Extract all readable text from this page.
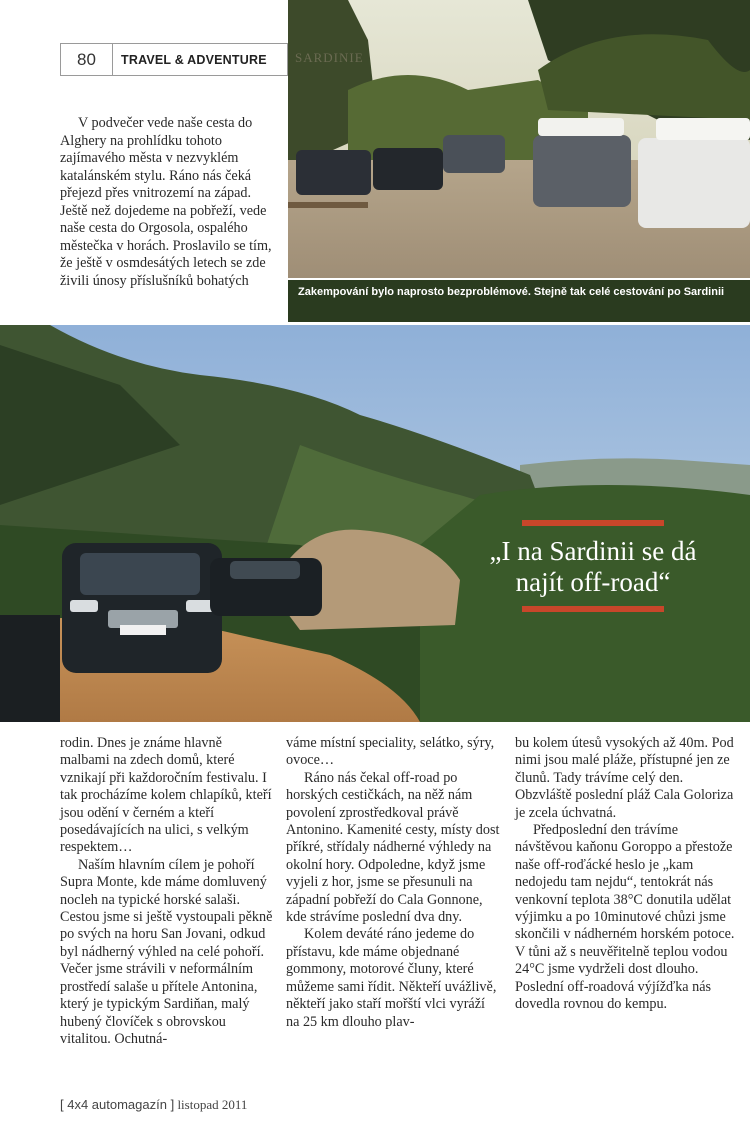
80	TRAVEL & ADVENTURE
Zakempování bylo naprosto bezproblémové. Stejně tak celé cestování po Sardinii

V podvečer vede naše cesta do Alghery na prohlídku tohoto zajímavého města v nezvyklém katalánském stylu. Ráno nás čeká přejezd přes vnitrozemí na západ. Ještě než dojedeme na pobřeží, vede naše cesta do Orgosola, ospalého městečka v horách. Proslavilo se tím, že ještě v osmdesátých letech se zde živili únosy příslušníků bohatých

„I na Sardinii se dá najít off-road“

rodin. Dnes je známe hlavně malbami na zdech domů, které vznikají při každoročním festivalu. I tak procházíme kolem chlapíků, kteří jsou odění v černém a kteří posedávajících na ulici, s velkým respektem…

Naším hlavním cílem je pohoří Supra Monte, kde máme domluvený nocleh na typické horské salaši. Cestou jsme si ještě vystoupali pěkně po svých na horu San Jovani, odkud byl nádherný výhled na celé pohoří. Večer jsme strávili v neformálním prostředí salaše u přítele Antonina, který je typickým Sardiňan, malý hubený človíček s obrovskou vitalitou. Ochutná-

váme místní speciality, selátko, sýry, ovoce…

Ráno nás čekal off-road po horských cestičkách, na něž nám povolení zprostředkoval právě Antonino. Kamenité cesty, místy dost příkré, střídaly nádherné výhledy na okolní hory. Odpoledne, když jsme vyjeli z hor, jsme se přesunuli na západní pobřeží do Cala Gonnone, kde strávíme poslední dva dny.

Kolem deváté ráno jedeme do přístavu, kde máme objednané gommony, motorové čluny, které můžeme sami řídit. Někteří uvážlivě, někteří jako staří mořští vlci vyráží na 25 km dlouho plav-

bu kolem útesů vysokých až 40m. Pod nimi jsou malé pláže, přístupné jen ze člunů. Tady trávíme celý den. Obzvláště poslední pláž Cala Goloriza je zcela úchvatná.

Předposlední den trávíme návštěvou kaňonu Goroppo a přestože naše off-roďácké heslo je „kam nedojedu tam nejdu“, tentokrát nás venkovní teplota 38°C donutila udělat výjimku a po 10minutové chůzi jsme skončili v nádherném horském potoce. V tůni až s neuvěřitelně teplou vodou 24°C jsme vydrželi dost dlouho. Poslední off-roadová výjížďka nás dovedla rovnou do kempu.

[ 4x4 automagazín ] listopad 2011
SARDINIE
